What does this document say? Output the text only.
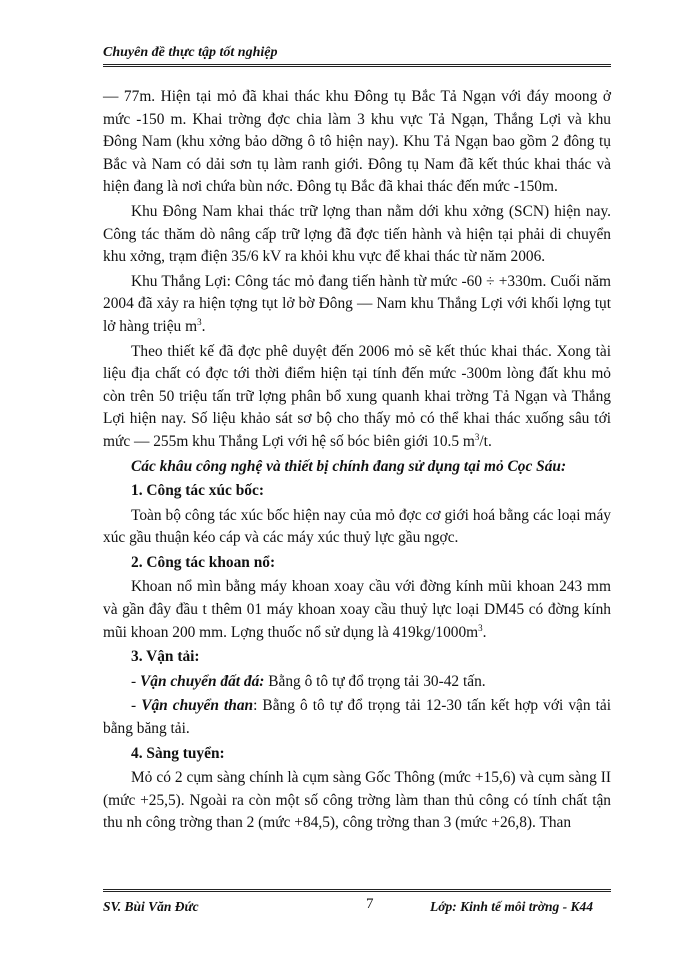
Chuyên đề thực tập tốt nghiệp

— 77m. Hiện tại mỏ đã khai thác khu Đông tụ Bắc Tả Ngạn với đáy moong ở mức -150 m. Khai trờng đợc chia làm 3 khu vực Tả Ngạn, Thắng Lợi và khu Đông Nam (khu xởng bảo dỡng ô tô hiện nay). Khu Tả Ngạn bao gồm 2 đông tụ Bắc và Nam có dải sơn tụ làm ranh giới. Đông tụ Nam đã kết thúc khai thác và hiện đang là nơi chứa bùn nớc. Đông tụ Bắc đã khai thác đến mức -150m.

Khu Đông Nam khai thác trữ lợng than nằm dới khu xởng (SCN) hiện nay. Công tác thăm dò nâng cấp trữ lợng đã đợc tiến hành và hiện tại phải di chuyển khu xởng, trạm điện 35/6 kV ra khỏi khu vực để khai thác từ năm 2006.

Khu Thắng Lợi: Công tác mỏ đang tiến hành từ mức -60 ÷ +330m. Cuối năm 2004 đã xảy ra hiện tợng tụt lở bờ Đông — Nam khu Thắng Lợi với khối lợng tụt lở hàng triệu $m^3$.

Theo thiết kế đã đợc phê duyệt đến 2006 mỏ sẽ kết thúc khai thác. Xong tài liệu địa chất có đợc tới thời điểm hiện tại tính đến mức -300m lòng đất khu mỏ còn trên 50 triệu tấn trữ lợng phân bổ xung quanh khai trờng Tả Ngạn và Thắng Lợi hiện nay. Số liệu khảo sát sơ bộ cho thấy mỏ có thể khai thác xuống sâu tới mức — 255m khu Thắng Lợi với hệ số bóc biên giới 10.5 $m^3/t$.

Các khâu công nghệ và thiết bị chính đang sử dụng tại mỏ Cọc Sáu:

1. Công tác xúc bốc:

Toàn bộ công tác xúc bốc hiện nay của mỏ đợc cơ giới hoá bằng các loại máy xúc gầu thuận kéo cáp và các máy xúc thuỷ lực gầu ngợc.

2. Công tác khoan nổ:

Khoan nổ mìn bằng máy khoan xoay cầu với đờng kính mũi khoan 243 mm và gần đây đầu t thêm 01 máy khoan xoay cầu thuỷ lực loại DM45 có đờng kính mũi khoan 200 mm. Lợng thuốc nổ sử dụng là $419kg/1000m^3$.

3. Vận tải:

- Vận chuyển đất đá: Bằng ô tô tự đổ trọng tải 30-42 tấn.

- Vận chuyển than: Bằng ô tô tự đổ trọng tải 12-30 tấn kết hợp với vận tải bằng băng tải.

4. Sàng tuyển:

Mỏ có 2 cụm sàng chính là cụm sàng Gốc Thông (mức +15,6) và cụm sàng II (mức +25,5). Ngoài ra còn một số công trờng làm than thủ công có tính chất tận thu nh công trờng than 2 (mức +84,5), công trờng than 3 (mức +26,8). Than

SV. Bùi Văn Đức	7	Lớp: Kinh tế môi trờng - K44
